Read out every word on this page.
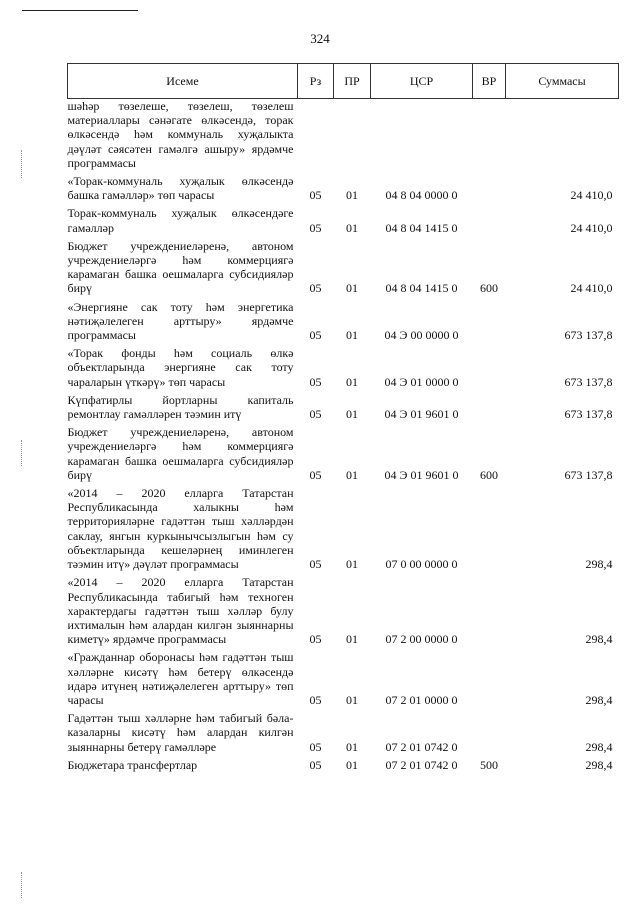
324
Исеме	Рз	ПР	ЦСР	ВР	Суммасы
шәһәр төзелеше, төзелеш, төзелеш материаллары сәнәгате өлкәсендә, торак өлкәсендә һәм коммуналь хуҗалыкта дәүләт сәясәтен гамәлгә ашыру» ярдәмче программасы					
«Торак-коммуналь хуҗалык өлкәсендә башка гамәлләр» төп чарасы	05	01	04 8 04 0000 0		24 410,0
Торак-коммуналь хуҗалык өлкәсендәге гамәлләр	05	01	04 8 04 1415 0		24 410,0
Бюджет учреждениеләренә, автоном учреждениеләргә һәм коммерциягә карамаган башка оешмаларга субсидияләр бирү	05	01	04 8 04 1415 0	600	24 410,0
«Энергияне сак тоту һәм энергетика нәтиҗәлелеген арттыру» ярдәмче программасы	05	01	04 Э 00 0000 0		673 137,8
«Торак фонды һәм социаль өлкә объектларында энергияне сак тоту чараларын үткәрү» төп чарасы	05	01	04 Э 01 0000 0		673 137,8
Күпфатирлы йортларны капиталь ремонтлау гамәлләрен тәэмин итү	05	01	04 Э 01 9601 0		673 137,8
Бюджет учреждениеләренә, автоном учреждениеләргә һәм коммерциягә карамаган башка оешмаларга субсидияләр бирү	05	01	04 Э 01 9601 0	600	673 137,8
«2014 – 2020 елларга Татарстан Республикасында халыкны һәм территорияләрне гадәттән тыш хәлләрдән саклау, янгын куркынычсызлыгын һәм су объектларында кешеләрнең иминлеген тәэмин итү» дәүләт программасы	05	01	07 0 00 0000 0		298,4
«2014 – 2020 елларга Татарстан Республикасында табигый һәм техноген характердагы гадәттән тыш хәлләр булу ихтималын һәм алардан килгән зыяннарны киметү» ярдәмче программасы	05	01	07 2 00 0000 0		298,4
«Гражданнар оборонасы һәм гадәттән тыш хәлләрне кисәтү һәм бетерү өлкәсендә идарә итүнең нәтиҗәлелеген арттыру» төп чарасы	05	01	07 2 01 0000 0		298,4
Гадәттән тыш хәлләрне һәм табигый бәла-казаларны кисәтү һәм алардан килгән зыяннарны бетерү гамәлләре	05	01	07 2 01 0742 0		298,4
Бюджетара трансфертлар	05	01	07 2 01 0742 0	500	298,4
